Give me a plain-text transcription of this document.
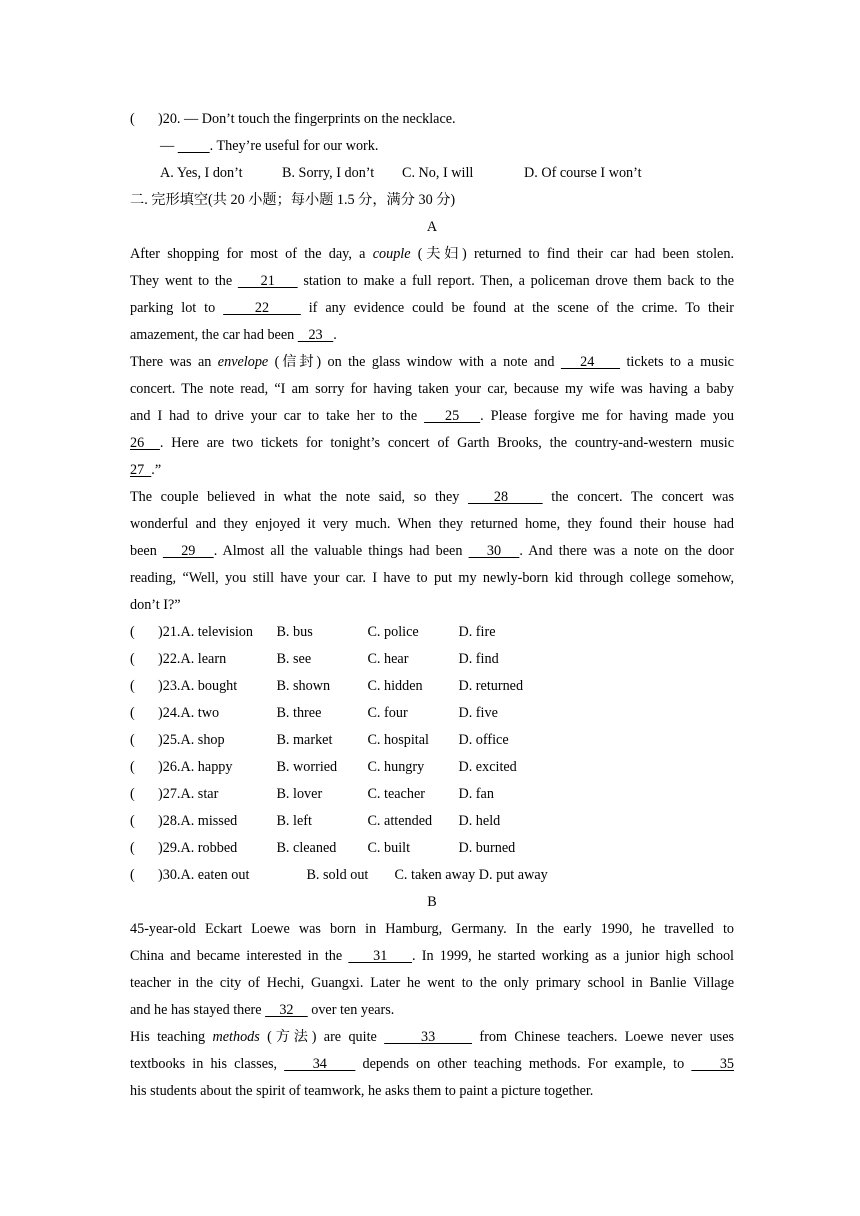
( )20. — Don’t touch the fingerprints on the necklace.
— . They’re useful for our work.
A. Yes, I don’t	B. Sorry, I don’t C. No, I will	D. Of course I won’t
二. 完形填空(共 20 小题；每小题 1.5 分，满分 30 分)
A
After shopping for most of the day, a couple (夫妇) returned to find their car had been stolen.
They went to the     21     station to make a full report. Then, a policeman drove them back to the
parking lot to     22     if any evidence could be found at the scene of the crime. To their
amazement, the car had been    23   .
There was an envelope (信封) on the glass window with a note and    24     tickets to a music
concert. The note read, “I am sorry for having taken your car, because my wife was having a baby
and I had to drive your car to take her to the    25   . Please forgive me for having made you
26  . Here are two tickets for tonight’s concert of Garth Brooks, the country-and-western music
27  .”
The couple believed in what the note said, so they    28     the concert. The concert was
wonderful and they enjoyed it very much. When they returned home, they found their house had
been    29   . Almost all the valuable things had been    30   . And there was a note on the door
reading, “Well, you still have your car. I have to put my newly-born kid through college somehow,
don’t I?”
( )21.A. television B. bus	C. police	D. fire
( )22.A. learn	B. see	C. hear	D. find
( )23.A. bought	B. shown	C. hidden	D. returned
( )24.A. two	B. three	C. four	D. five
( )25.A. shop	B. market C. hospital D. office
( )26.A. happy	B. worried C. hungry D. excited
( )27.A. star	B. lover	C. teacher D. fan
( )28.A. missed	B. left	C. attended D. held
( )29.A. robbed	B. cleaned C. built	D. burned
( )30.A. eaten out	B. sold out C. taken away D. put away
B
45-year-old Eckart Loewe was born in Hamburg, Germany. In the early 1990, he travelled to
China and became interested in the     31    . In 1999, he started working as a junior high school
teacher in the city of Hechi, Guangxi. Later he went to the only primary school in Banlie Village
and he has stayed there     32     over ten years.
His teaching methods (方法) are quite      33      from Chinese teachers. Loewe never uses
textbooks in his classes,     34     depends on other teaching methods. For example, to     35
his students about the spirit of teamwork, he asks them to paint a picture together.
